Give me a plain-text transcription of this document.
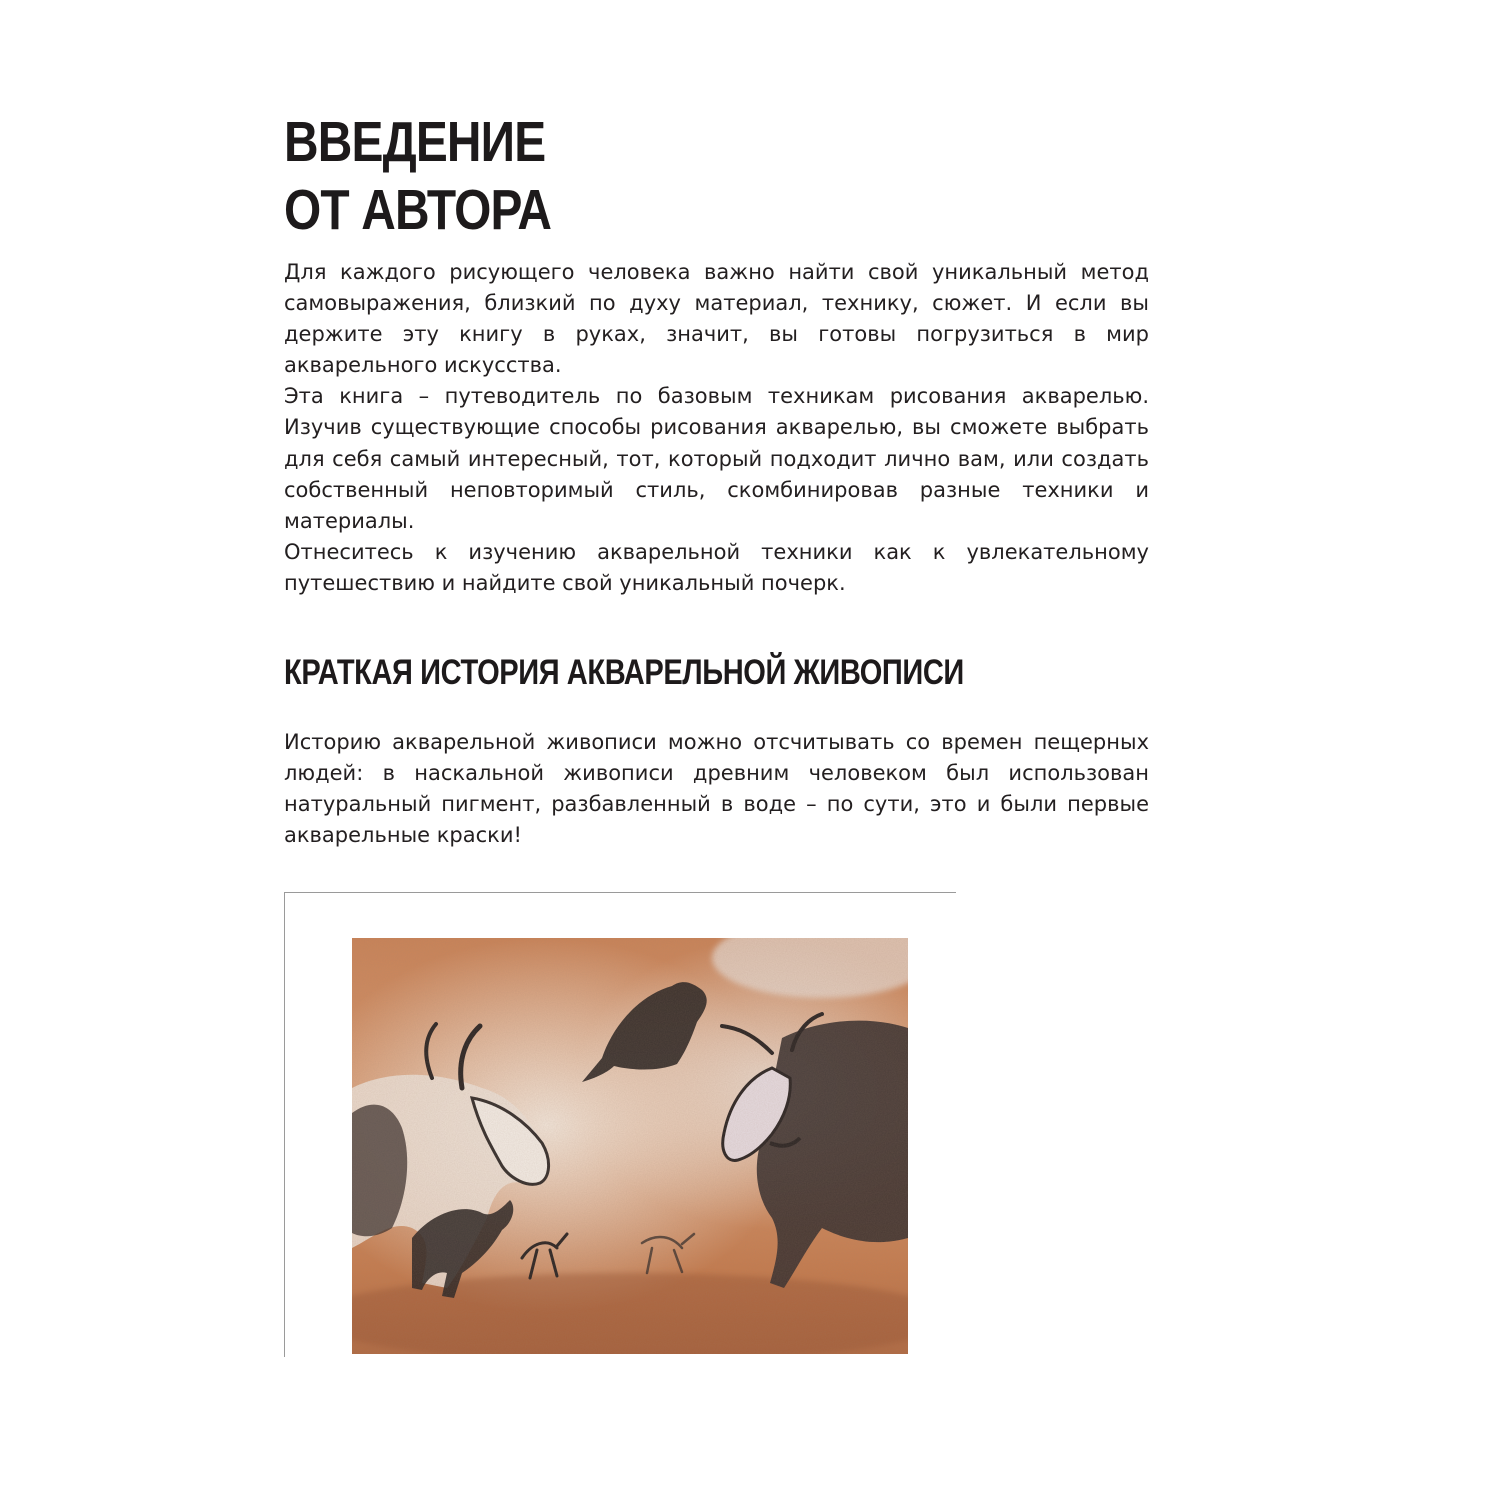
ВВЕДЕНИЕ
ОТ АВТОРА

Для каждого рисующего человека важно найти свой уникальный метод самовыражения, близкий по духу материал, технику, сюжет. И если вы держите эту книгу в руках, значит, вы готовы погрузиться в мир акварельного искусства.

Эта книга – путеводитель по базовым техникам рисования акварелью. Изучив существующие способы рисования акварелью, вы сможете выбрать для себя самый интересный, тот, который подходит лично вам, или создать собственный неповторимый стиль, скомбинировав разные техники и материалы.

Отнеситесь к изучению акварельной техники как к увлекательному путешествию и найдите свой уникальный почерк.

КРАТКАЯ ИСТОРИЯ АКВАРЕЛЬНОЙ ЖИВОПИСИ

Историю акварельной живописи можно отсчитывать со времен пещерных людей: в наскальной живописи древним человеком был использован натуральный пигмент, разбавленный в воде – по сути, это и были первые акварельные краски!
